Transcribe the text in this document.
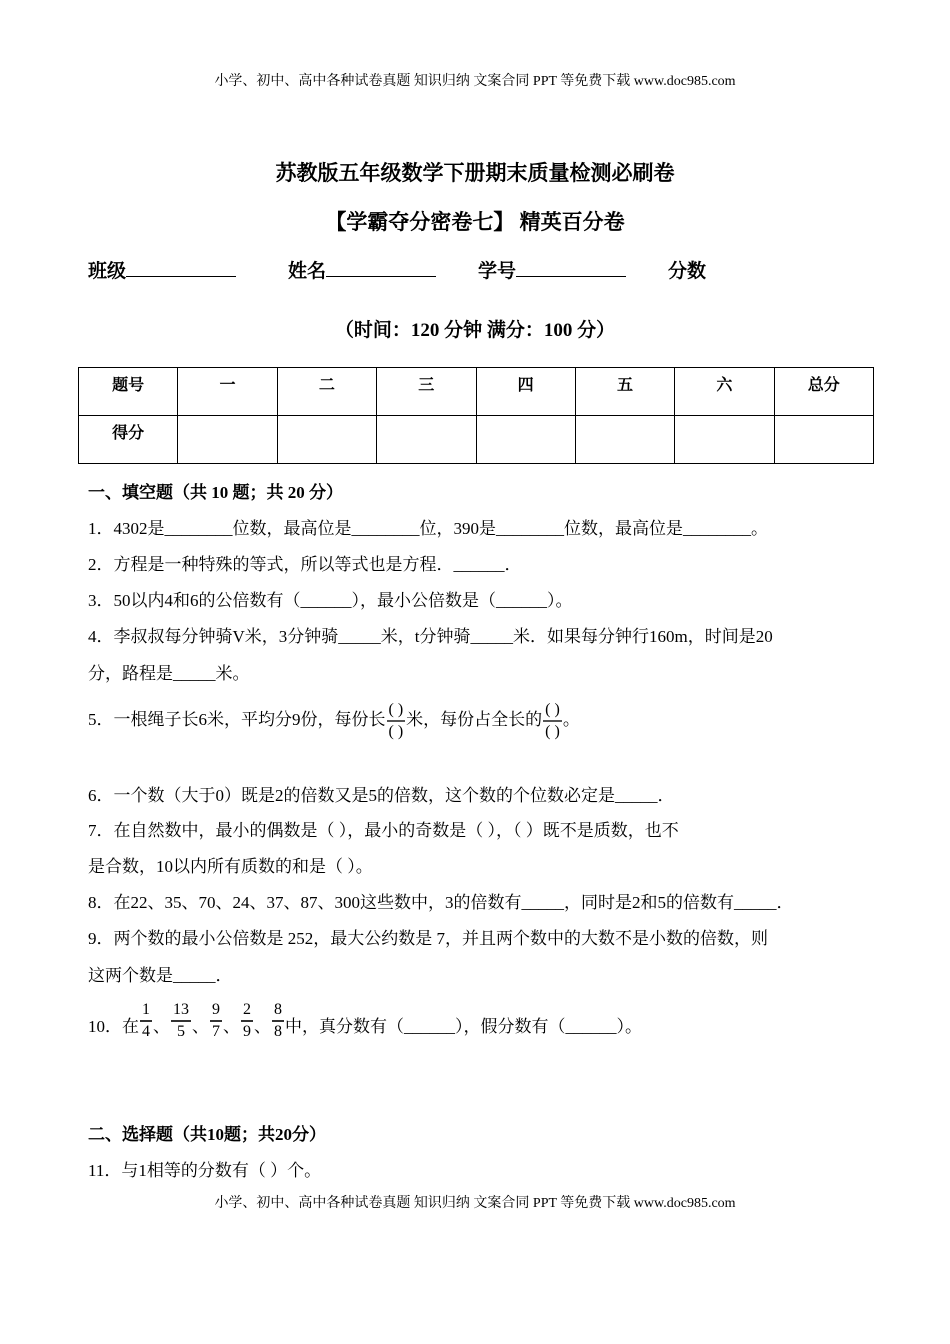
小学、初中、高中各种试卷真题 知识归纳 文案合同 PPT 等免费下载 www.doc985.com
苏教版五年级数学下册期末质量检测必刷卷
【学霸夺分密卷七】 精英百分卷
班级	姓名	学号	分数
（时间：120 分钟 满分：100 分）
题号	一	二	三	四	五	六	总分
得分							
一、填空题（共 10 题；共 20 分）
1．4302是________位数，最高位是________位，390是________位数，最高位是________。
2．方程是一种特殊的等式，所以等式也是方程．______．
3．50以内4和6的公倍数有（______），最小公倍数是（______）。
4．李叔叔每分钟骑V米，3分钟骑_____米，t分钟骑_____米．如果每分钟行160m，时间是20
分，路程是_____米。
5．一根绳子长6米，平均分9份，每份长 $\frac{( )}{( )}$ 米，每份占全长的 $\frac{( )}{( )}$ 。
6．一个数（大于0）既是2的倍数又是5的倍数，这个数的个位数必定是_____．
7．在自然数中，最小的偶数是（ ），最小的奇数是（ ），（ ）既不是质数，也不
是合数，10以内所有质数的和是（ ）。
8．在22、35、70、24、37、87、300这些数中，3的倍数有_____，同时是2和5的倍数有_____．
9．两个数的最小公倍数是 252，最大公约数是 7，并且两个数中的大数不是小数的倍数，则
这两个数是_____．
10．在 $\frac{1}{4}$ 、 $\frac{13}{5}$ 、 $\frac{9}{7}$ 、 $\frac{2}{9}$ 、 $\frac{8}{8}$ 中，真分数有（______），假分数有（______）。
二、选择题（共10题；共20分）
11．与1相等的分数有（ ）个。
小学、初中、高中各种试卷真题 知识归纳 文案合同 PPT 等免费下载 www.doc985.com
